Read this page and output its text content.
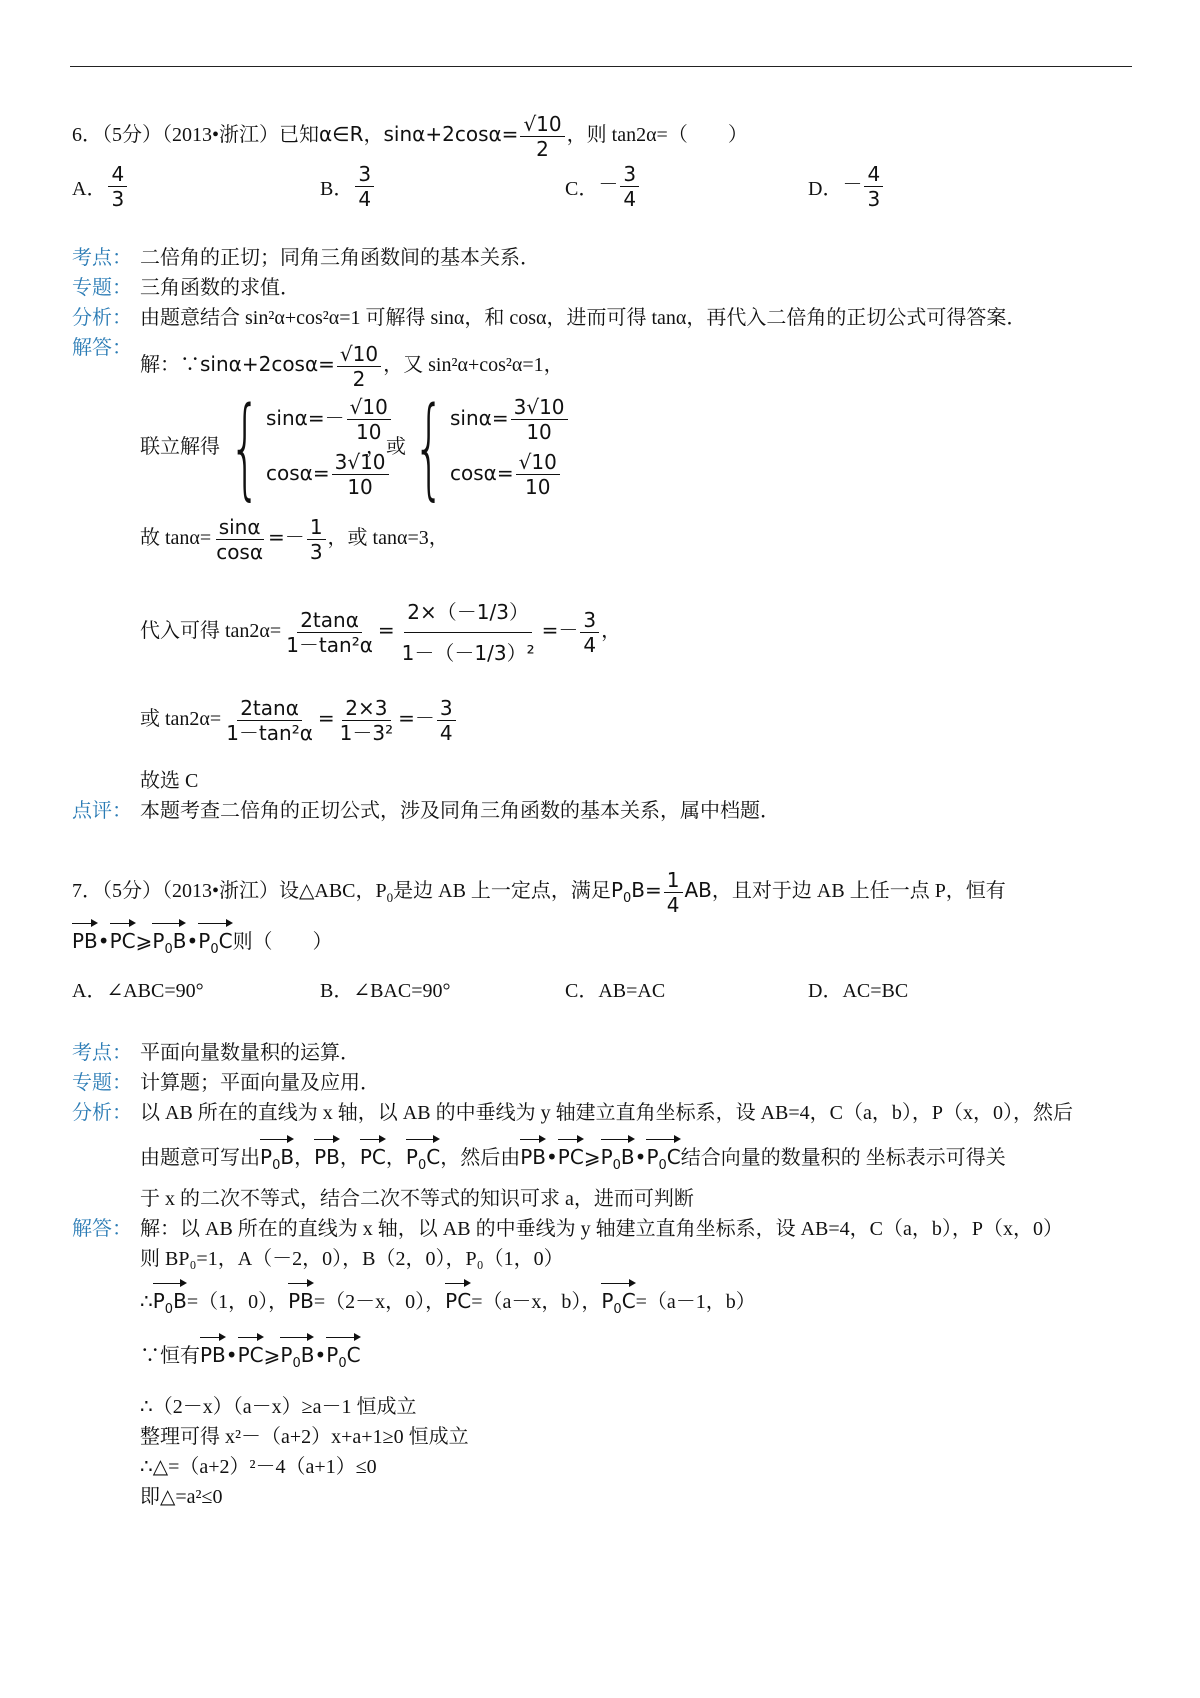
6．（5分）（2013•浙江）已知α∈R，$\sin\alpha+2\cos\alpha= \frac{√10}{2}$ ，则 tan2α=（　　）
A． $\frac{4}{3}$	B． $\frac{3}{4}$	C．－ $\frac{3}{4}$	D．－ $\frac{4}{3}$
考点： 二倍角的正切；同角三角函数间的基本关系．
专题： 三角函数的求值．
分析： 由题意结合 sin²α+cos²α=1 可解得 sinα，和 cosα，进而可得 tanα，再代入二倍角的正切公式可得答案．
解答：
解：∵sinα+2cosα= $\frac{√10}{2}$ ，又 sin²α+cos²α=1，
联立解得 { $\sin\alpha=- \frac{√10}{10}$
$\cos\alpha= \frac{3√10}{10}$
，或 { $\sin\alpha= \frac{3√10}{10}$
$\cos\alpha= \frac{√10}{10}$
故 $\tan\alpha= \frac{\sin\alpha}{\cos\alpha} =- \frac{1}{3}$ ，或 tanα=3，
代入可得 $\tan 2\alpha= \frac{2\tan\alpha}{\text{1－tan²α}} = \frac{2\times(-1/3)}{\text{1－（－1/3）²}} =- \frac{3}{4}$ ，
或 $\tan 2\alpha= \frac{2\tan\alpha}{\text{1－tan²α}} = \frac{2\times 3}{\text{1－3²}} =- \frac{3}{4}$
故选 C
点评： 本题考查二倍角的正切公式，涉及同角三角函数的基本关系，属中档题．
7．（5分）（2013•浙江）设△ABC，$P_0$是边 AB 上一定点，满足$P_0B= \frac{1}{4}$ AB，且对于边 AB 上任一点 P，恒有
$PB•PC⩾P_0B•P_0C$则（　　）
A．∠ABC=90°	B．∠BAC=90°	C．AB=AC	D．AC=BC
考点： 平面向量数量积的运算．
专题： 计算题；平面向量及应用．
分析： 以 AB 所在的直线为 x 轴，以 AB 的中垂线为 y 轴建立直角坐标系，设 AB=4，C（a，b），P（x，0），然后
由题意可写出$P_0B$，PB，PC，$P_0C$，然后由$PB•PC⩾P_0B•P_0C$结合向量的数量积的 坐标表示可得关
于 x 的二次不等式，结合二次不等式的知识可求 a，进而可判断
解答： 解：以 AB 所在的直线为 x 轴，以 AB 的中垂线为 y 轴建立直角坐标系，设 AB=4，C（a，b），P（x，0）
则 BP₀=1，A（－2，0），B（2，0），P₀（1，0）
$\therefore P_0B=(1$，0），PB=（2－x，0），PC=（a－x，b），$P_0C=(a-1$，b）
∵恒有$PB•PC⩾P_0B•P_0C$
∴（2－x）（a－x）≥a－1 恒成立
整理可得 x²－（a+2）x+a+1≥0 恒成立
∴△=（a+2）²－4（a+1）≤0
即△=a²≤0
